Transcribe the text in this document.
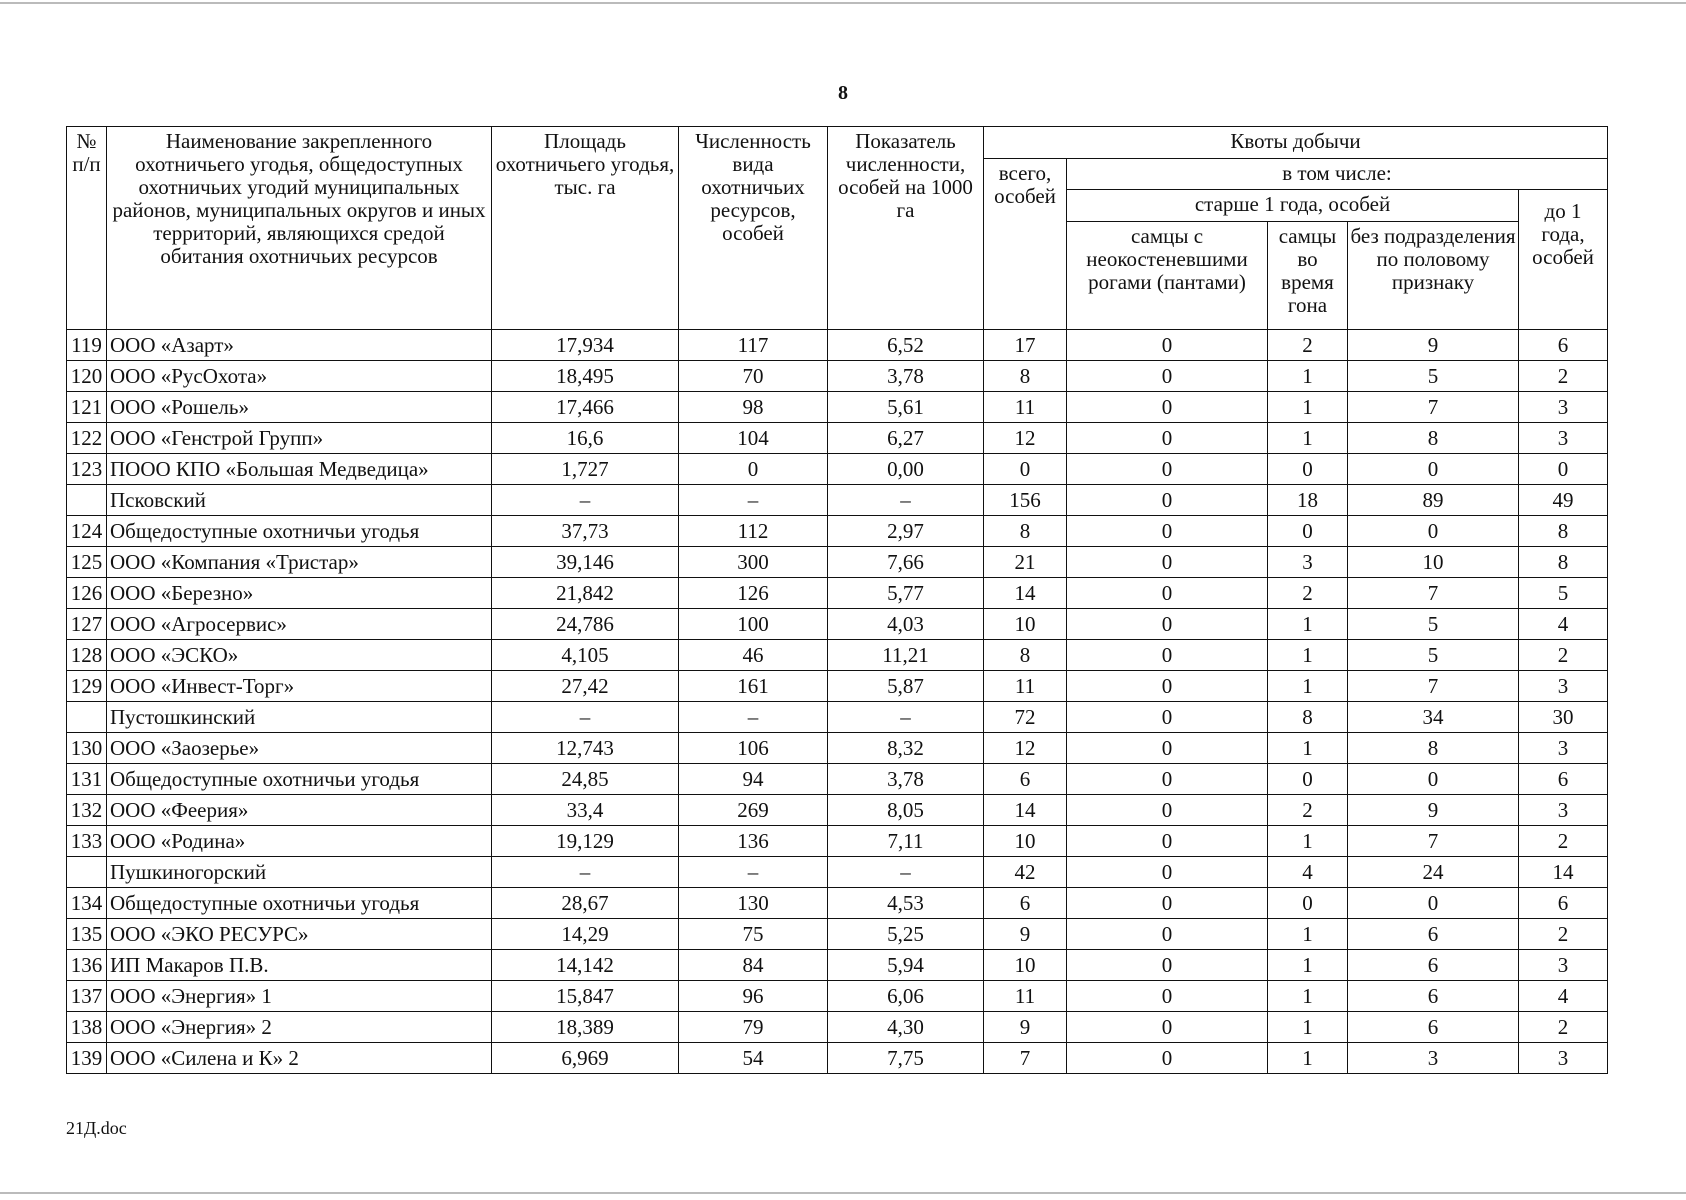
8
№ п/п	Наименование закрепленного охотничьего угодья, общедоступных охотничьих угодий муниципальных районов, муниципальных округов и иных территорий, являющихся средой обитания охотничьих ресурсов	Площадь охотничьего угодья, тыс. га	Численность вида охотничьих ресурсов, особей	Показатель численности, особей на 1000 га	Квоты добычи				
					всего, особей	в том числе:			
						старше 1 года, особей			до 1 года, особей
						самцы с неокостеневшими рогами (пантами)	самцы во время гона	без подразделения по половому признаку	
119	ООО «Азарт»	17,934	117	6,52	17	0	2	9	6
120	ООО «РусОхота»	18,495	70	3,78	8	0	1	5	2
121	ООО «Рошель»	17,466	98	5,61	11	0	1	7	3
122	ООО «Генстрой Групп»	16,6	104	6,27	12	0	1	8	3
123	ПООО КПО «Большая Медведица»	1,727	0	0,00	0	0	0	0	0
	Псковский	–	–	–	156	0	18	89	49
124	Общедоступные охотничьи угодья	37,73	112	2,97	8	0	0	0	8
125	ООО «Компания «Тристар»	39,146	300	7,66	21	0	3	10	8
126	ООО «Березно»	21,842	126	5,77	14	0	2	7	5
127	ООО «Агросервис»	24,786	100	4,03	10	0	1	5	4
128	ООО «ЭСКО»	4,105	46	11,21	8	0	1	5	2
129	ООО «Инвест-Торг»	27,42	161	5,87	11	0	1	7	3
	Пустошкинский	–	–	–	72	0	8	34	30
130	ООО «Заозерье»	12,743	106	8,32	12	0	1	8	3
131	Общедоступные охотничьи угодья	24,85	94	3,78	6	0	0	0	6
132	ООО «Феерия»	33,4	269	8,05	14	0	2	9	3
133	ООО «Родина»	19,129	136	7,11	10	0	1	7	2
	Пушкиногорский	–	–	–	42	0	4	24	14
134	Общедоступные охотничьи угодья	28,67	130	4,53	6	0	0	0	6
135	ООО «ЭКО РЕСУРС»	14,29	75	5,25	9	0	1	6	2
136	ИП Макаров П.В.	14,142	84	5,94	10	0	1	6	3
137	ООО «Энергия» 1	15,847	96	6,06	11	0	1	6	4
138	ООО «Энергия» 2	18,389	79	4,30	9	0	1	6	2
139	ООО «Силена и К» 2	6,969	54	7,75	7	0	1	3	3
21Д.doc
